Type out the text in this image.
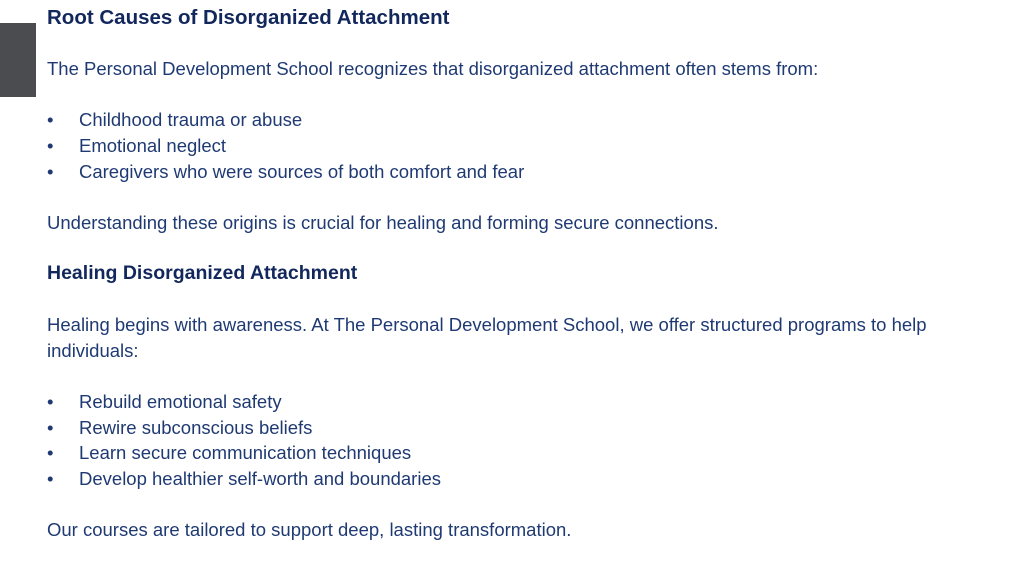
Root Causes of Disorganized Attachment

The Personal Development School recognizes that disorganized attachment often stems from:

• Childhood trauma or abuse
• Emotional neglect
• Caregivers who were sources of both comfort and fear

Understanding these origins is crucial for healing and forming secure connections.

Healing Disorganized Attachment

Healing begins with awareness. At The Personal Development School, we offer structured programs to help individuals:

• Rebuild emotional safety
• Rewire subconscious beliefs
• Learn secure communication techniques
• Develop healthier self-worth and boundaries

Our courses are tailored to support deep, lasting transformation.
